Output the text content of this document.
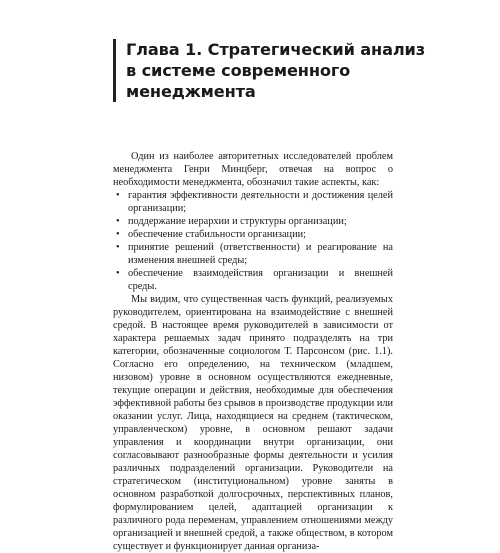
Глава 1. Стратегический анализ
в системе современного
менеджмента

Один из наиболее авторитетных исследователей проблем менеджмента Генри Минцберг, отвечая на вопрос о необходимости менеджмента, обозначил такие аспекты, как:

• гарантия эффективности деятельности и достижения целей организации;
• поддержание иерархии и структуры организации;
• обеспечение стабильности организации;
• принятие решений (ответственности) и реагирование на изменения внешней среды;
• обеспечение взаимодействия организации и внешней среды.

Мы видим, что существенная часть функций, реализуемых руководителем, ориентирована на взаимодействие с внешней средой. В настоящее время руководителей в зависимости от характера решаемых задач принято подразделять на три категории, обозначенные социологом Т. Парсонсом (рис. 1.1). Согласно его определению, на техническом (младшем, низовом) уровне в основном осуществляются ежедневные, текущие операции и действия, необходимые для обеспечения эффективной работы без срывов в производстве продукции или оказании услуг. Лица, находящиеся на среднем (тактическом, управленческом) уровне, в основном решают задачи управления и координации внутри организации, они согласовывают разнообразные формы деятельности и усилия различных подразделений организации. Руководители на стратегическом (институциональном) уровне заняты в основном разработкой долгосрочных, перспективных планов, формулированием целей, адаптацией организации к различного рода переменам, управлением отношениями между организацией и внешней средой, а также обществом, в котором существует и функционирует данная организа-
